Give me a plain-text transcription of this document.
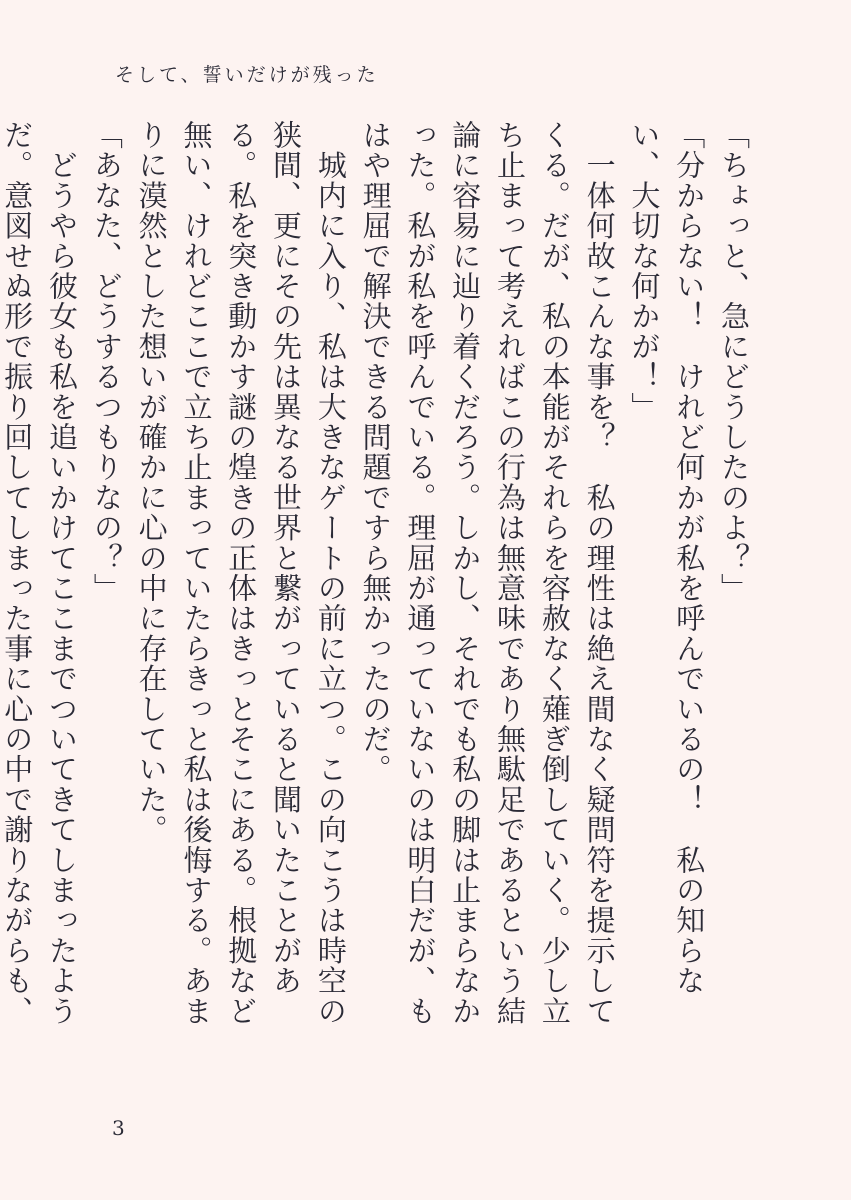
そして、誓いだけが残った

「ちょっと、急にどうしたのよ？」

「分からない！　けれど何かが私を呼んでいるの！　私の知らない、大切な何かが！」

　一体何故こんな事を？　私の理性は絶え間なく疑問符を提示してくる。だが、私の本能がそれらを容赦なく薙ぎ倒していく。少し立ち止まって考えればこの行為は無意味であり無駄足であるという結論に容易に辿り着くだろう。しかし、それでも私の脚は止まらなかった。私が私を呼んでいる。理屈が通っていないのは明白だが、もはや理屈で解決できる問題ですら無かったのだ。

　城内に入り、私は大きなゲートの前に立つ。この向こうは時空の狭間、更にその先は異なる世界と繋がっていると聞いたことがある。私を突き動かす謎の煌きの正体はきっとそこにある。根拠など無い、けれどここで立ち止まっていたらきっと私は後悔する。あまりに漠然とした想いが確かに心の中に存在していた。

「あなた、どうするつもりなの？」

　どうやら彼女も私を追いかけてここまでついてきてしまったようだ。意図せぬ形で振り回してしまった事に心の中で謝りながらも、

3
